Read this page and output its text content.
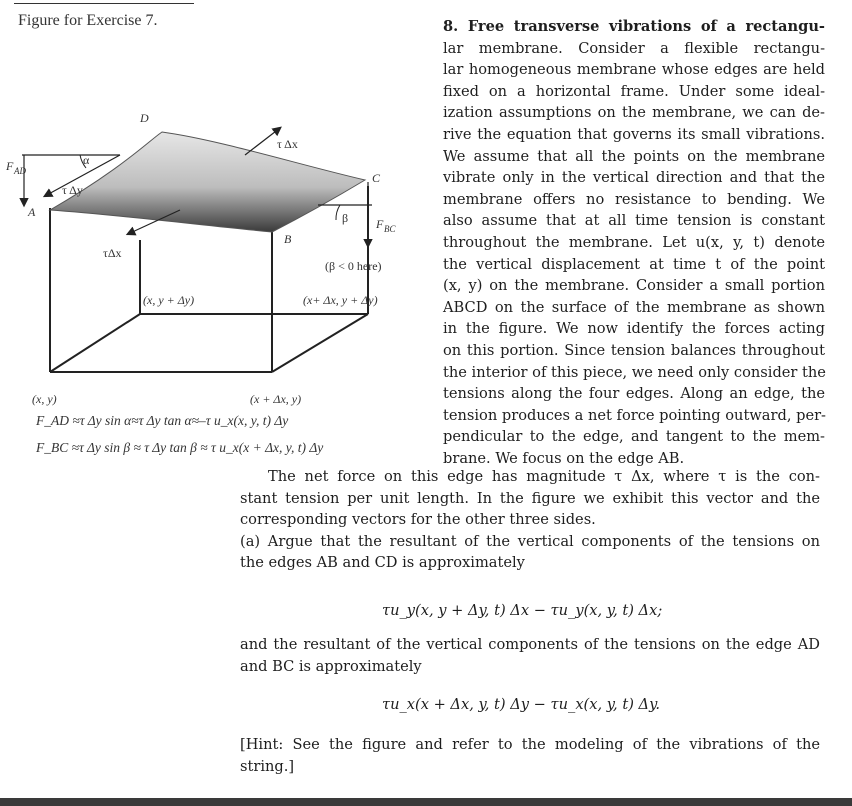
Figure for Exercise 7.
F AD
α
τ Δy
A
D
τ Δx
C
β F BC
B
τΔx
(β < 0 here)
(x, y + Δy)	(x+ Δx, y + Δy)
(x, y)	(x + Δx, y)
F_AD ≈τ Δy sin α≈τ Δy tan α≈–τ u_x(x, y, t) Δy
F_BC ≈τ Δy sin β ≈ τ Δy tan β ≈ τ u_x(x + Δx, y, t) Δy
8. Free transverse vibrations of a rectangu-
lar membrane. Consider a flexible rectangu-
lar homogeneous membrane whose edges are held
fixed on a horizontal frame. Under some ideal-
ization assumptions on the membrane, we can de-
rive the equation that governs its small vibrations.
We assume that all the points on the membrane
vibrate only in the vertical direction and that the
membrane offers no resistance to bending. We
also assume that at all time tension is constant
throughout the membrane. Let u(x, y, t) denote
the vertical displacement at time t of the point
(x, y) on the membrane. Consider a small portion
ABCD on the surface of the membrane as shown
in the figure. We now identify the forces acting
on this portion. Since tension balances throughout
the interior of this piece, we need only consider the
tensions along the four edges. Along an edge, the
tension produces a net force pointing outward, per-
pendicular to the edge, and tangent to the mem-
brane. We focus on the edge AB.
The net force on this edge has magnitude τ Δx, where τ is the con-
stant tension per unit length. In the figure we exhibit this vector and the
corresponding vectors for the other three sides.
(a) Argue that the resultant of the vertical components of the tensions on
the edges AB and CD is approximately
τu_y(x, y + Δy, t) Δx − τu_y(x, y, t) Δx;
and the resultant of the vertical components of the tensions on the edge AD
and BC is approximately
τu_x(x + Δx, y, t) Δy − τu_x(x, y, t) Δy.
[Hint: See the figure and refer to the modeling of the vibrations of the
string.]
